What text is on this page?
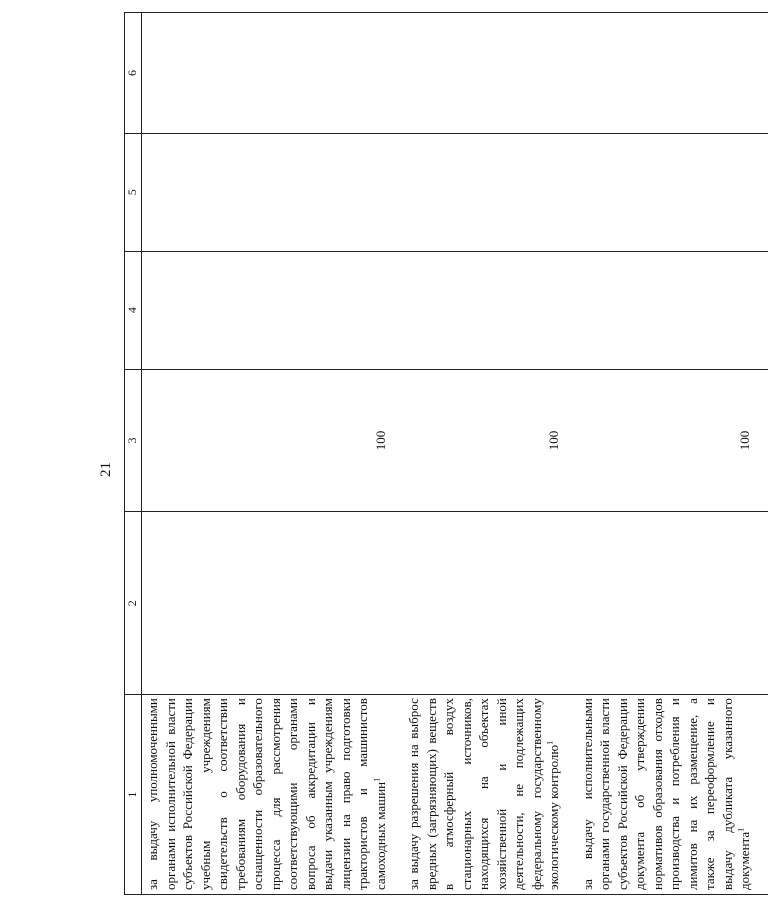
21
1	2	3	4	5	6
за выдачу уполномоченными органами исполнительной власти субъектов Российской Федерации учебным учреждениям свидетельств о соответствии требованиям оборудования и оснащенности образовательного процесса для рассмотрения соответствующими органами вопроса об аккредитации и выдачи указанным учреждениям лицензии на право подготовки трактористов и машинистов самоходных машин$^1$		100			

за выдачу разрешения на выброс вредных (загрязняющих) веществ в атмосферный воздух стационарных источников, находящихся на объектах хозяйственной и иной деятельности, не подлежащих федеральному государственному экологическому контролю$^1$		100			

за выдачу исполнительными органами государственной власти субъектов Российской Федерации документа об утверждении нормативов образования отходов производства и потребления и лимитов на их размещение, а также за переоформление и выдачу дубликата указанного документа$^1$		100			
